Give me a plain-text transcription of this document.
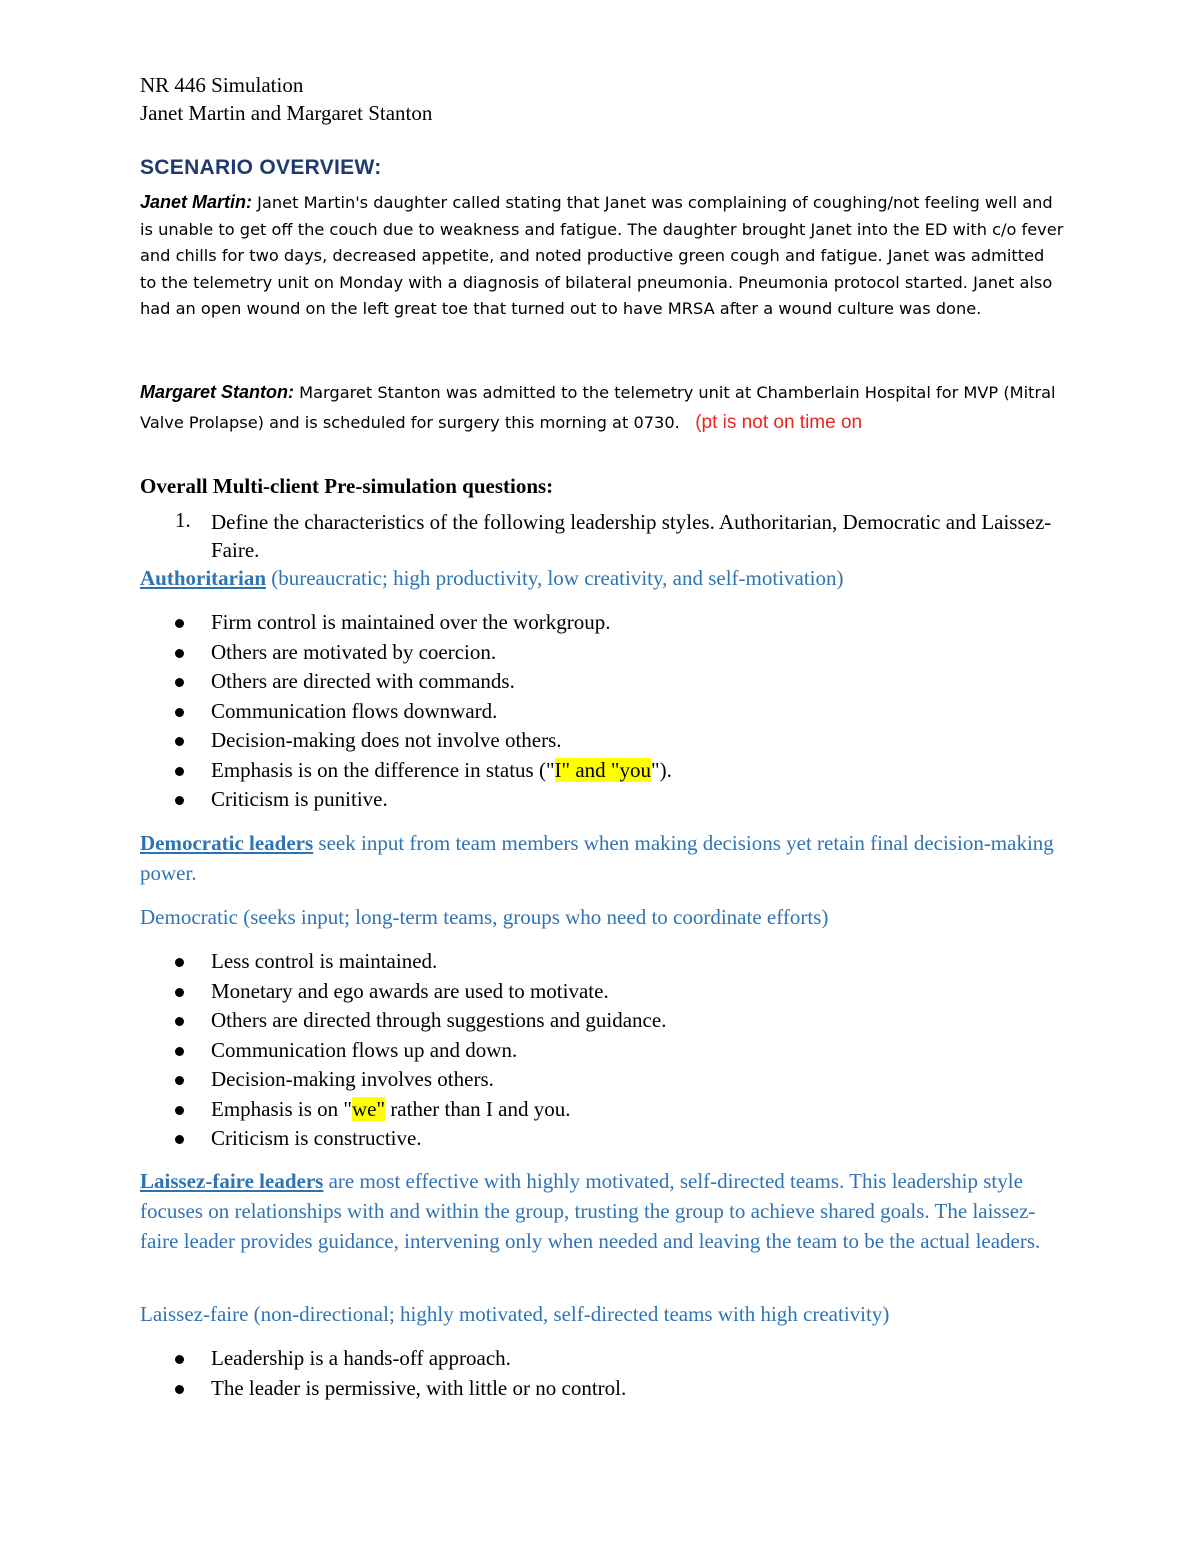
NR 446 Simulation
Janet Martin and Margaret Stanton
SCENARIO OVERVIEW:
Janet Martin: Janet Martin's daughter called stating that Janet was complaining of coughing/not feeling well and is unable to get off the couch due to weakness and fatigue. The daughter brought Janet into the ED with c/o fever and chills for two days, decreased appetite, and noted productive green cough and fatigue. Janet was admitted to the telemetry unit on Monday with a diagnosis of bilateral pneumonia. Pneumonia protocol started. Janet also had an open wound on the left great toe that turned out to have MRSA after a wound culture was done.
Margaret Stanton: Margaret Stanton was admitted to the telemetry unit at Chamberlain Hospital for MVP (Mitral Valve Prolapse) and is scheduled for surgery this morning at 0730. (pt is not on time on
Overall Multi-client Pre-simulation questions:
1. Define the characteristics of the following leadership styles. Authoritarian, Democratic and Laissez-Faire.
Authoritarian (bureaucratic; high productivity, low creativity, and self-motivation)
Firm control is maintained over the workgroup.
Others are motivated by coercion.
Others are directed with commands.
Communication flows downward.
Decision-making does not involve others.
Emphasis is on the difference in status ("I" and "you").
Criticism is punitive.
Democratic leaders seek input from team members when making decisions yet retain final decision-making power.
Democratic (seeks input; long-term teams, groups who need to coordinate efforts)
Less control is maintained.
Monetary and ego awards are used to motivate.
Others are directed through suggestions and guidance.
Communication flows up and down.
Decision-making involves others.
Emphasis is on "we" rather than I and you.
Criticism is constructive.
Laissez-faire leaders are most effective with highly motivated, self-directed teams. This leadership style focuses on relationships with and within the group, trusting the group to achieve shared goals. The laissez-faire leader provides guidance, intervening only when needed and leaving the team to be the actual leaders.
Laissez-faire (non-directional; highly motivated, self-directed teams with high creativity)
Leadership is a hands-off approach.
The leader is permissive, with little or no control.
